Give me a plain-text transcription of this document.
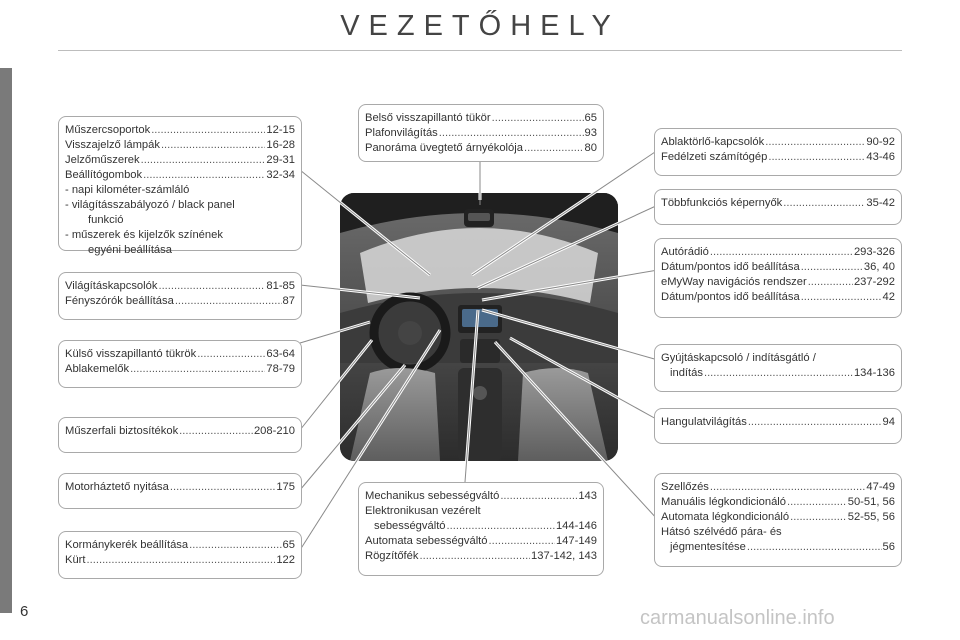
VEZETŐHELY
Műszercsoportok .....	12-15
Visszajelző lámpák .....	16-28
Jelzőműszerek .....	29-31
Beállítógombok .....	32-34
- napi kilométer-számláló
- világításszabályozó / black panel
funkció
- műszerek és kijelzők színének
egyéni beállítása
Világításkapcsolók .....	81-85
Fényszórók beállítása .....	87
Külső visszapillantó tükrök .....	63-64
Ablakemelők .....	78-79
Műszerfali biztosítékok .....	208-210
Motorháztető nyitása .....	175
Kormánykerék beállítása .....	65
Kürt .....	122
Belső visszapillantó tükör .....	65
Plafonvilágítás .....	93
Panoráma üvegtető árnyékolója .....	80
Mechanikus sebességváltó .....	143
Elektronikusan vezérelt
sebességváltó .....	144-146
Automata sebességváltó .....	147-149
Rögzítőfék .....	137-142, 143
Ablaktörlő-kapcsolók .....	90-92
Fedélzeti számítógép .....	43-46
Többfunkciós képernyők .....	35-42
Autórádió .....	293-326
Dátum/pontos idő beállítása .....	36, 40
eMyWay navigációs rendszer .....	237-292
Dátum/pontos idő beállítása .....	42
Gyújtáskapcsoló / indításgátló /
indítás .....	134-136
Hangulatvilágítás .....	94
Szellőzés .....	47-49
Manuális légkondicionáló .....	50-51, 56
Automata légkondicionáló .....	52-55, 56
Hátsó szélvédő pára- és
jégmentesítése .....	56
6	carmanualsonline.info
